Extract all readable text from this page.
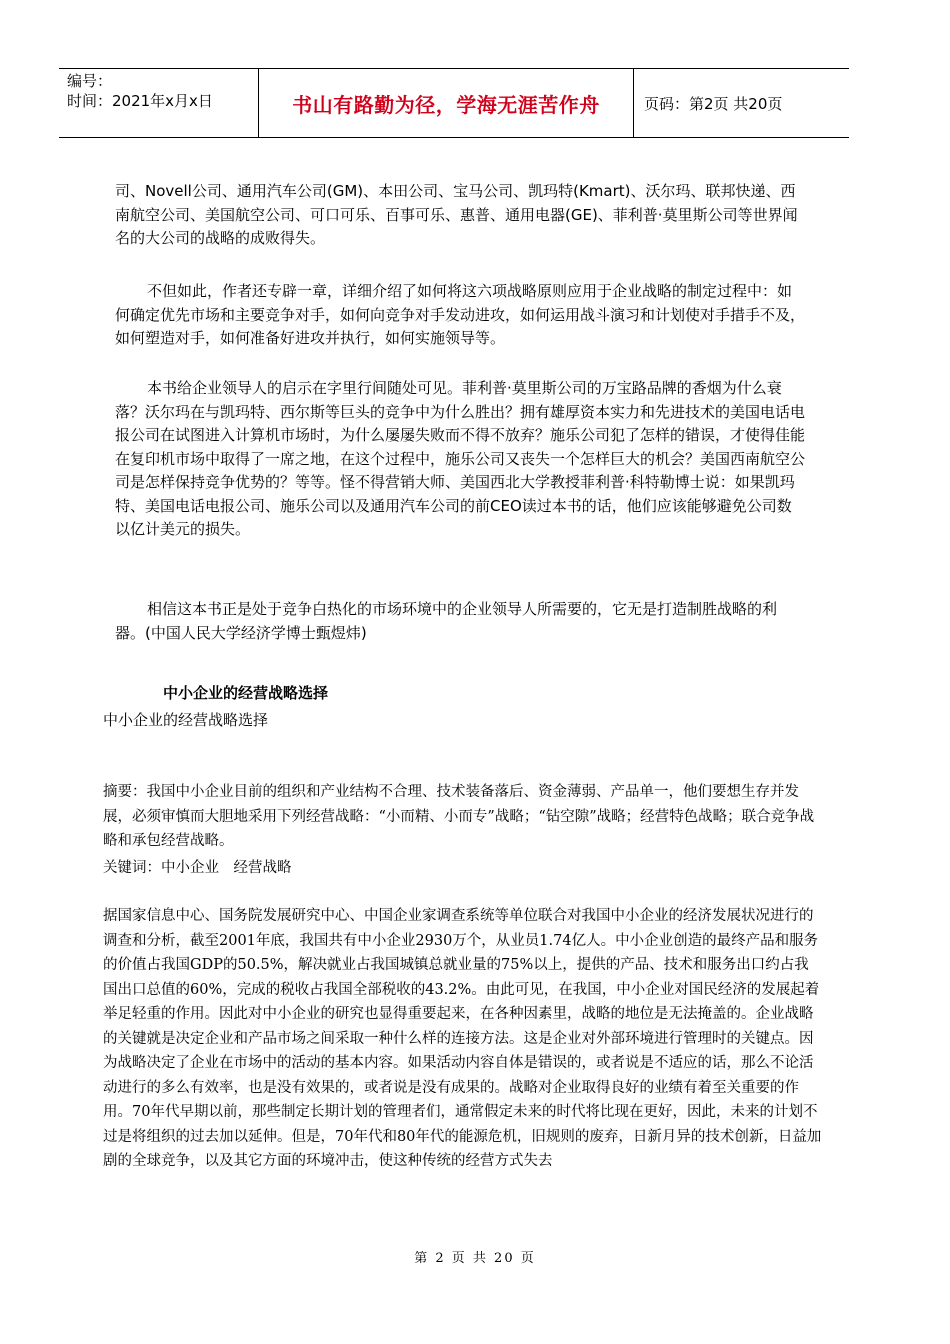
编号：
时间：2021年x月x日	书山有路勤为径，学海无涯苦作舟	页码：第2页 共20页
司、Novell公司、通用汽车公司(GM)、本田公司、宝马公司、凯玛特(Kmart)、沃尔玛、联邦快递、西南航空公司、美国航空公司、可口可乐、百事可乐、惠普、通用电器(GE)、菲利普·莫里斯公司等世界闻名的大公司的战略的成败得失。
不但如此，作者还专辟一章，详细介绍了如何将这六项战略原则应用于企业战略的制定过程中：如何确定优先市场和主要竞争对手，如何向竞争对手发动进攻，如何运用战斗演习和计划使对手措手不及，如何塑造对手，如何准备好进攻并执行，如何实施领导等。
本书给企业领导人的启示在字里行间随处可见。菲利普·莫里斯公司的万宝路品牌的香烟为什么衰落？沃尔玛在与凯玛特、西尔斯等巨头的竞争中为什么胜出？拥有雄厚资本实力和先进技术的美国电话电报公司在试图进入计算机市场时，为什么屡屡失败而不得不放弃？施乐公司犯了怎样的错误，才使得佳能在复印机市场中取得了一席之地，在这个过程中，施乐公司又丧失一个怎样巨大的机会？美国西南航空公司是怎样保持竞争优势的？等等。怪不得营销大师、美国西北大学教授菲利普·科特勒博士说：如果凯玛特、美国电话电报公司、施乐公司以及通用汽车公司的前CEO读过本书的话，他们应该能够避免公司数以亿计美元的损失。
相信这本书正是处于竞争白热化的市场环境中的企业领导人所需要的，它无是打造制胜战略的利器。(中国人民大学经济学博士甄煜炜)
中小企业的经营战略选择
中小企业的经营战略选择
摘要：我国中小企业目前的组织和产业结构不合理、技术装备落后、资金薄弱、产品单一，他们要想生存并发展，必须审慎而大胆地采用下列经营战略：“小而精、小而专”战略；“钻空隙”战略；经营特色战略；联合竞争战略和承包经营战略。
关键词：中小企业　经营战略
据国家信息中心、国务院发展研究中心、中国企业家调查系统等单位联合对我国中小企业的经济发展状况进行的调查和分析，截至2001年底，我国共有中小企业2930万个，从业员1.74亿人。中小企业创造的最终产品和服务的价值占我国GDP的50.5%，解决就业占我国城镇总就业量的75%以上，提供的产品、技术和服务出口约占我国出口总值的60%，完成的税收占我国全部税收的43.2%。由此可见，在我国，中小企业对国民经济的发展起着举足轻重的作用。因此对中小企业的研究也显得重要起来，在各种因素里，战略的地位是无法掩盖的。企业战略的关键就是决定企业和产品市场之间采取一种什么样的连接方法。这是企业对外部环境进行管理时的关键点。因为战略决定了企业在市场中的活动的基本内容。如果活动内容自体是错误的，或者说是不适应的话，那么不论活动进行的多么有效率，也是没有效果的，或者说是没有成果的。战略对企业取得良好的业绩有着至关重要的作用。70年代早期以前，那些制定长期计划的管理者们，通常假定未来的时代将比现在更好，因此，未来的计划不过是将组织的过去加以延伸。但是，70年代和80年代的能源危机，旧规则的废弃，日新月异的技术创新，日益加剧的全球竞争，以及其它方面的环境冲击，使这种传统的经营方式失去
第 2 页 共 20 页
